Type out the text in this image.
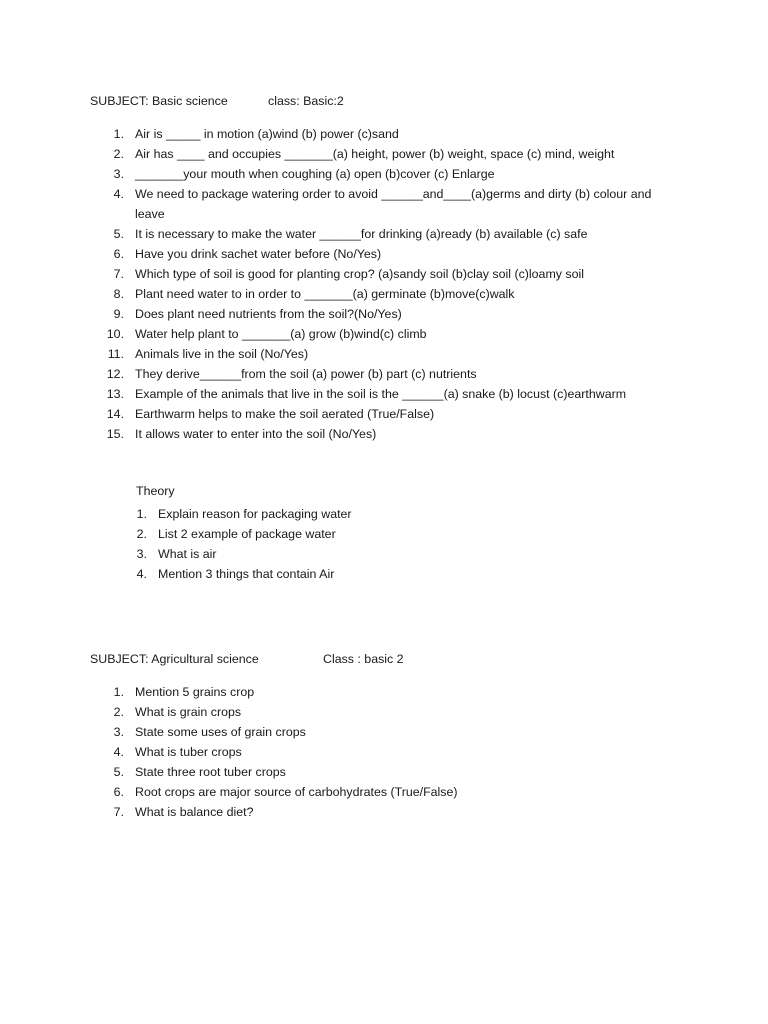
SUBJECT: Basic science	class: Basic:2
1. Air is _____ in motion (a)wind (b) power (c)sand
2. Air has ____ and occupies _______(a) height, power (b) weight, space (c) mind, weight
3. _______your mouth when coughing (a) open (b)cover (c) Enlarge
4. We need to package watering order to avoid ______and____(a)germs and dirty (b) colour and leave
5. It is necessary to make the water ______for drinking (a)ready (b) available (c) safe
6. Have you drink sachet water before (No/Yes)
7. Which type of soil is good for planting crop? (a)sandy soil (b)clay soil (c)loamy soil
8. Plant need water to in order to _______(a) germinate (b)move(c)walk
9. Does plant need nutrients from the soil?(No/Yes)
10. Water help plant to _______(a) grow (b)wind(c) climb
11. Animals live in the soil (No/Yes)
12. They derive______from the soil (a) power (b) part (c) nutrients
13. Example of the animals that live in the soil is the ______(a) snake (b) locust (c)earthwarm
14. Earthwarm helps to make the soil aerated (True/False)
15. It allows water to enter into the soil (No/Yes)
Theory
1. Explain reason for packaging water
2. List 2 example of package water
3. What is air
4. Mention 3 things that contain Air
SUBJECT: Agricultural science	Class : basic 2
1. Mention 5 grains crop
2. What is grain crops
3. State some uses of grain crops
4. What is tuber crops
5. State three root tuber crops
6. Root crops are major source of carbohydrates (True/False)
7. What is balance diet?
